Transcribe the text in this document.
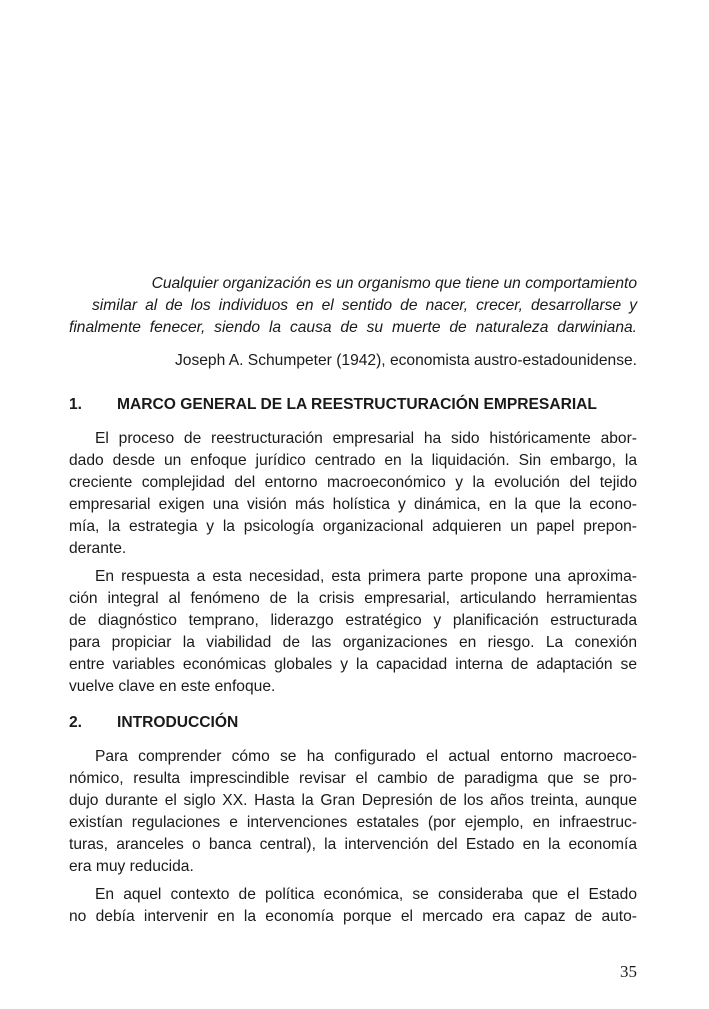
Cualquier organización es un organismo que tiene un comportamiento
similar al de los individuos en el sentido de nacer, crecer, desarrollarse y
finalmente fenecer, siendo la causa de su muerte de naturaleza darwiniana.
Joseph A. Schumpeter (1942), economista austro-estadounidense.
1. MARCO GENERAL DE LA REESTRUCTURACIÓN EMPRESARIAL
El proceso de reestructuración empresarial ha sido históricamente abor-
dado desde un enfoque jurídico centrado en la liquidación. Sin embargo, la
creciente complejidad del entorno macroeconómico y la evolución del tejido
empresarial exigen una visión más holística y dinámica, en la que la econo-
mía, la estrategia y la psicología organizacional adquieren un papel prepon-
derante.
En respuesta a esta necesidad, esta primera parte propone una aproxima-
ción integral al fenómeno de la crisis empresarial, articulando herramientas
de diagnóstico temprano, liderazgo estratégico y planificación estructurada
para propiciar la viabilidad de las organizaciones en riesgo. La conexión
entre variables económicas globales y la capacidad interna de adaptación se
vuelve clave en este enfoque.
2. INTRODUCCIÓN
Para comprender cómo se ha configurado el actual entorno macroeco-
nómico, resulta imprescindible revisar el cambio de paradigma que se pro-
dujo durante el siglo XX. Hasta la Gran Depresión de los años treinta, aunque
existían regulaciones e intervenciones estatales (por ejemplo, en infraestruc-
turas, aranceles o banca central), la intervención del Estado en la economía
era muy reducida.
En aquel contexto de política económica, se consideraba que el Estado
no debía intervenir en la economía porque el mercado era capaz de auto-
35
